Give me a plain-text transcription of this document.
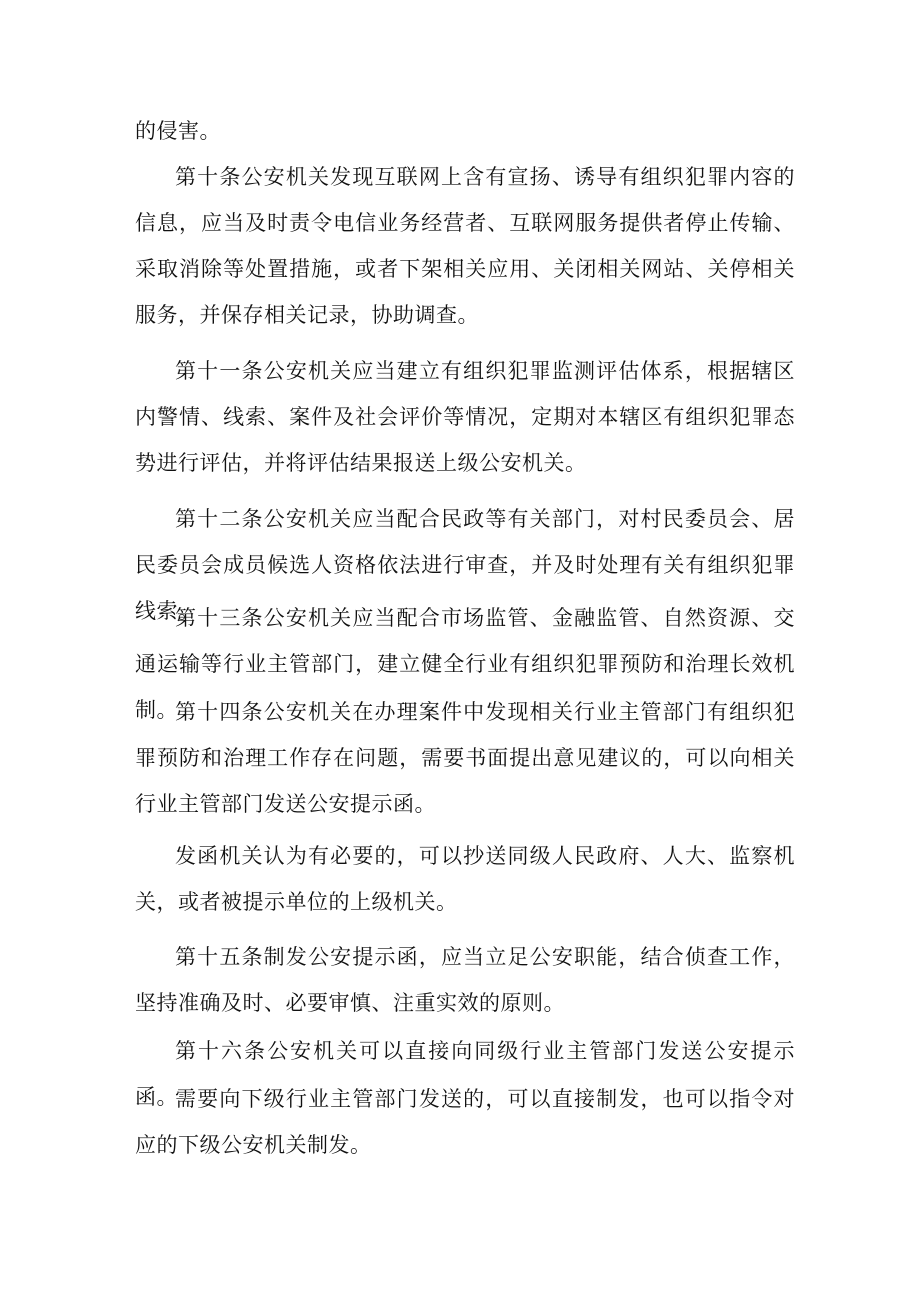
的侵害。

第十条公安机关发现互联网上含有宣扬、诱导有组织犯罪内容的信息，应当及时责令电信业务经营者、互联网服务提供者停止传输、采取消除等处置措施，或者下架相关应用、关闭相关网站、关停相关服务，并保存相关记录，协助调查。

第十一条公安机关应当建立有组织犯罪监测评估体系，根据辖区内警情、线索、案件及社会评价等情况，定期对本辖区有组织犯罪态势进行评估，并将评估结果报送上级公安机关。

第十二条公安机关应当配合民政等有关部门，对村民委员会、居民委员会成员候选人资格依法进行审查，并及时处理有关有组织犯罪线索。

第十三条公安机关应当配合市场监管、金融监管、自然资源、交通运输等行业主管部门，建立健全行业有组织犯罪预防和治理长效机制。

第十四条公安机关在办理案件中发现相关行业主管部门有组织犯罪预防和治理工作存在问题，需要书面提出意见建议的，可以向相关行业主管部门发送公安提示函。

发函机关认为有必要的，可以抄送同级人民政府、人大、监察机关，或者被提示单位的上级机关。

第十五条制发公安提示函，应当立足公安职能，结合侦查工作，坚持准确及时、必要审慎、注重实效的原则。

第十六条公安机关可以直接向同级行业主管部门发送公安提示函。

需要向下级行业主管部门发送的，可以直接制发，也可以指令对应的下级公安机关制发。
